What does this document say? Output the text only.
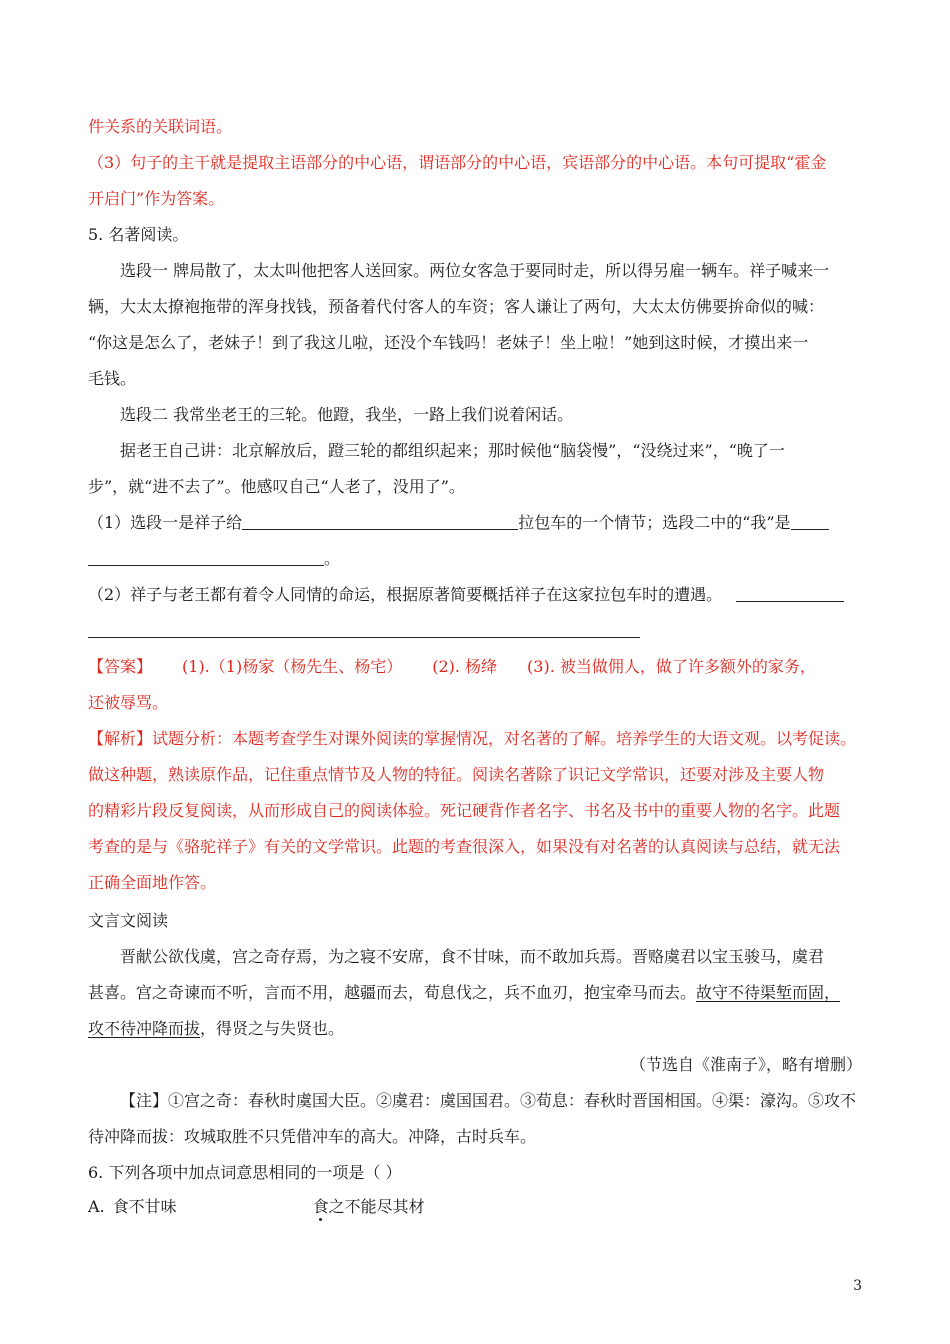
件关系的关联词语。
（3）句子的主干就是提取主语部分的中心语，谓语部分的中心语，宾语部分的中心语。本句可提取“霍金
开启门”作为答案。
5. 名著阅读。
选段一 牌局散了，太太叫他把客人送回家。两位女客急于要同时走，所以得另雇一辆车。祥子喊来一
辆，大太太撩袍拖带的浑身找钱，预备着代付客人的车资；客人谦让了两句，大太太仿佛要拚命似的喊：
“你这是怎么了，老妹子！到了我这儿啦，还没个车钱吗！老妹子！坐上啦！”她到这时候，才摸出来一
毛钱。
选段二 我常坐老王的三轮。他蹬，我坐，一路上我们说着闲话。
据老王自己讲：北京解放后，蹬三轮的都组织起来；那时候他“脑袋慢”，“没绕过来”，“晚了一
步”，就“进不去了”。他感叹自己“人老了，没用了”。
（1）选段一是祥子给	拉包车的一个情节；选段二中的“我”是
。
（2）祥子与老王都有着令人同情的命运，根据原著简要概括祥子在这家拉包车时的遭遇。
【答案】 (1).（1)杨家（杨先生、杨宅） (2). 杨绛 (3). 被当做佣人，做了许多额外的家务，
还被辱骂。
【解析】试题分析：本题考查学生对课外阅读的掌握情况，对名著的了解。培养学生的大语文观。以考促读。
做这种题，熟读原作品，记住重点情节及人物的特征。阅读名著除了识记文学常识，还要对涉及主要人物
的精彩片段反复阅读，从而形成自己的阅读体验。死记硬背作者名字、书名及书中的重要人物的名字。此题
考查的是与《骆驼祥子》有关的文学常识。此题的考查很深入，如果没有对名著的认真阅读与总结，就无法
正确全面地作答。
文言文阅读
晋献公欲伐虞，宫之奇存焉，为之寝不安席，食不甘味，而不敢加兵焉。晋赂虞君以宝玉骏马，虞君
甚喜。宫之奇谏而不听，言而不用，越疆而去，荀息伐之，兵不血刃，抱宝牵马而去。故守不待渠堑而固，
攻不待冲降而拔，得贤之与失贤也。
（节选自《淮南子》，略有增删）
【注】①宫之奇：春秋时虞国大臣。②虞君：虞国国君。③荀息：春秋时晋国相国。④渠：濠沟。⑤攻不
待冲降而拔：攻城取胜不只凭借冲车的高大。冲降，古时兵车。
6. 下列各项中加点词意思相同的一项是（ ）
A. 食不甘味	食之不能尽其材
3
